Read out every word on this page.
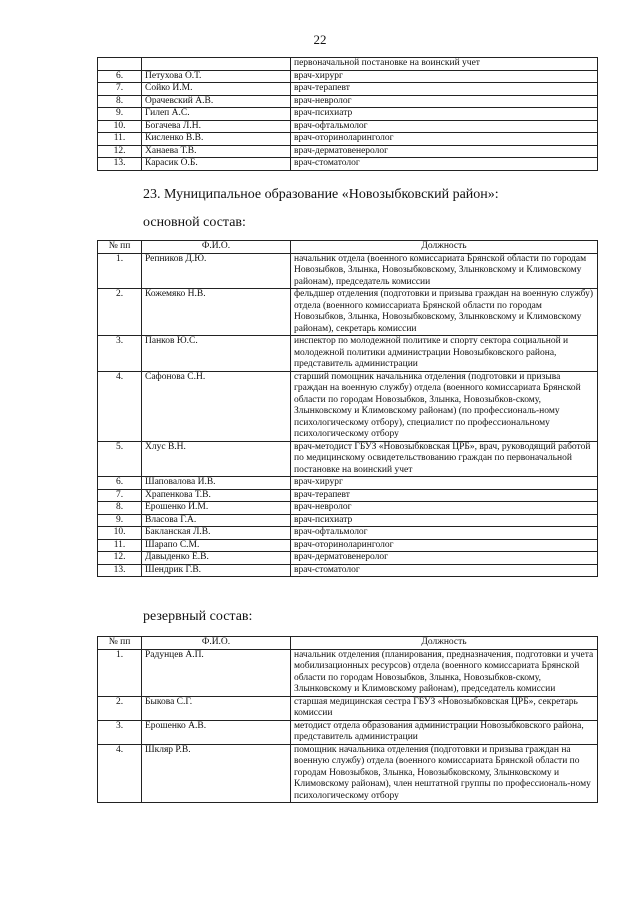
22
		первоначальной постановке на воинский учет
6.	Петухова О.Т.	врач-хирург
7.	Сойко И.М.	врач-терапевт
8.	Орачевский А.В.	врач-невролог
9.	Гилеп А.С.	врач-психиатр
10.	Богачева Л.Н.	врач-офтальмолог
11.	Кисленко В.В.	врач-оториноларинголог
12.	Ханаева Т.В.	врач-дерматовенеролог
13.	Карасик О.Б.	врач-стоматолог
23. Муниципальное образование «Новозыбковский район»:
основной состав:
№ пп	Ф.И.О.	Должность
1.	Репников Д.Ю.	начальник отдела (военного комиссариата Брянской области по городам Новозыбков, Злынка, Новозыбковскому, Злынковскому и Климовскому районам), председатель комиссии
2.	Кожемяко Н.В.	фельдшер отделения (подготовки и призыва граждан на военную службу) отдела (военного комиссариата Брянской области по городам Новозыбков, Злынка, Новозыбковскому, Злынковскому и Климовскому районам), секретарь комиссии
3.	Панков Ю.С.	инспектор по молодежной политике и спорту сектора социальной и молодежной политики администрации Новозыбковского района, представитель администрации
4.	Сафонова С.Н.	старший помощник начальника отделения (подготовки и призыва граждан на военную службу) отдела (военного комиссариата Брянской области по городам Новозыбков, Злынка, Новозыбков-скому, Злынковскому и Климовскому районам) (по профессиональ-ному психологическому отбору), специалист по профессиональному психологическому отбору
5.	Хлус В.Н.	врач-методист ГБУЗ «Новозыбковская ЦРБ», врач, руководящий работой по медицинскому освидетельствованию граждан по первоначальной постановке на воинский учет
6.	Шаповалова И.В.	врач-хирург
7.	Храпенкова Т.В.	врач-терапевт
8.	Ерошенко И.М.	врач-невролог
9.	Власова Г.А.	врач-психиатр
10.	Бакланская Л.В.	врач-офтальмолог
11.	Шарапо С.М.	врач-оториноларинголог
12.	Давыденко Е.В.	врач-дерматовенеролог
13.	Шендрик Г.В.	врач-стоматолог
резервный состав:
№ пп	Ф.И.О.	Должность
1.	Радунцев А.П.	начальник отделения (планирования, предназначения, подготовки и учета мобилизационных ресурсов) отдела (военного комиссариата Брянской области по городам Новозыбков, Злынка, Новозыбков-скому, Злынковскому и Климовскому районам), председатель комиссии
2.	Быкова С.Г.	старшая медицинская сестра ГБУЗ «Новозыбковская ЦРБ», секретарь комиссии
3.	Ерошенко А.В.	методист отдела образования администрации Новозыбковского района, представитель администрации
4.	Шкляр Р.В.	помощник начальника отделения (подготовки и призыва граждан на военную службу) отдела (военного комиссариата Брянской области по городам Новозыбков, Злынка, Новозыбковскому, Злынковскому и Климовскому районам), член нештатной группы по профессиональ-ному психологическому отбору
